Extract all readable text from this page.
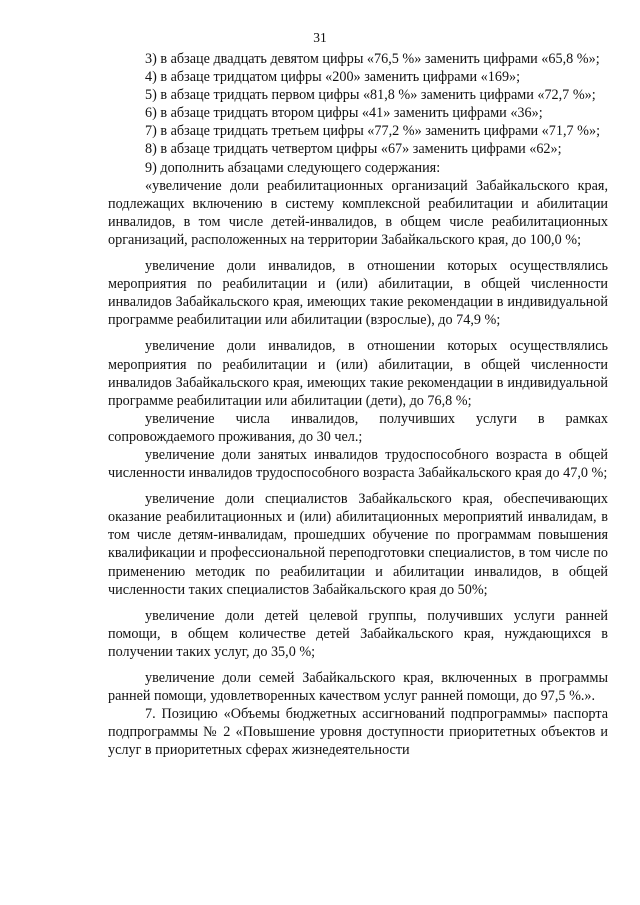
31

3) в абзаце двадцать девятом цифры «76,5 %» заменить цифрами «65,8 %»;

4) в абзаце тридцатом цифры «200» заменить цифрами «169»;

5) в абзаце тридцать первом цифры «81,8 %» заменить цифрами «72,7 %»;

6) в абзаце тридцать втором цифры «41» заменить цифрами «36»;

7) в абзаце тридцать третьем цифры «77,2 %» заменить цифрами «71,7 %»;

8) в абзаце тридцать четвертом цифры «67» заменить цифрами «62»;

9) дополнить абзацами следующего содержания:

«увеличение доли реабилитационных организаций Забайкальского края, подлежащих включению в систему комплексной реабилитации и абилитации инвалидов, в том числе детей-инвалидов, в общем числе реабилитационных организаций, расположенных на территории Забайкальского края, до 100,0 %;

увеличение доли инвалидов, в отношении которых осуществлялись мероприятия по реабилитации и (или) абилитации, в общей численности инвалидов Забайкальского края, имеющих такие рекомендации в индивидуальной программе реабилитации или абилитации (взрослые), до 74,9 %;

увеличение доли инвалидов, в отношении которых осуществлялись мероприятия по реабилитации и (или) абилитации, в общей численности инвалидов Забайкальского края, имеющих такие рекомендации в индивидуальной программе реабилитации или абилитации (дети), до 76,8 %;

увеличение числа инвалидов, получивших услуги в рамках сопровождаемого проживания, до 30 чел.;

увеличение доли занятых инвалидов трудоспособного возраста в общей численности инвалидов трудоспособного возраста Забайкальского края до 47,0 %;

увеличение доли специалистов Забайкальского края, обеспечивающих оказание реабилитационных и (или) абилитационных мероприятий инвалидам, в том числе детям-инвалидам, прошедших обучение по программам повышения квалификации и профессиональной переподготовки специалистов, в том числе по применению методик по реабилитации и абилитации инвалидов, в общей численности таких специалистов Забайкальского края до 50%;

увеличение доли детей целевой группы, получивших услуги ранней помощи, в общем количестве детей Забайкальского края, нуждающихся в получении таких услуг, до 35,0 %;

увеличение доли семей Забайкальского края, включенных в программы ранней помощи, удовлетворенных качеством услуг ранней помощи, до 97,5 %.».

7. Позицию «Объемы бюджетных ассигнований подпрограммы» паспорта подпрограммы № 2 «Повышение уровня доступности приоритетных объектов и услуг в приоритетных сферах жизнедеятельности
